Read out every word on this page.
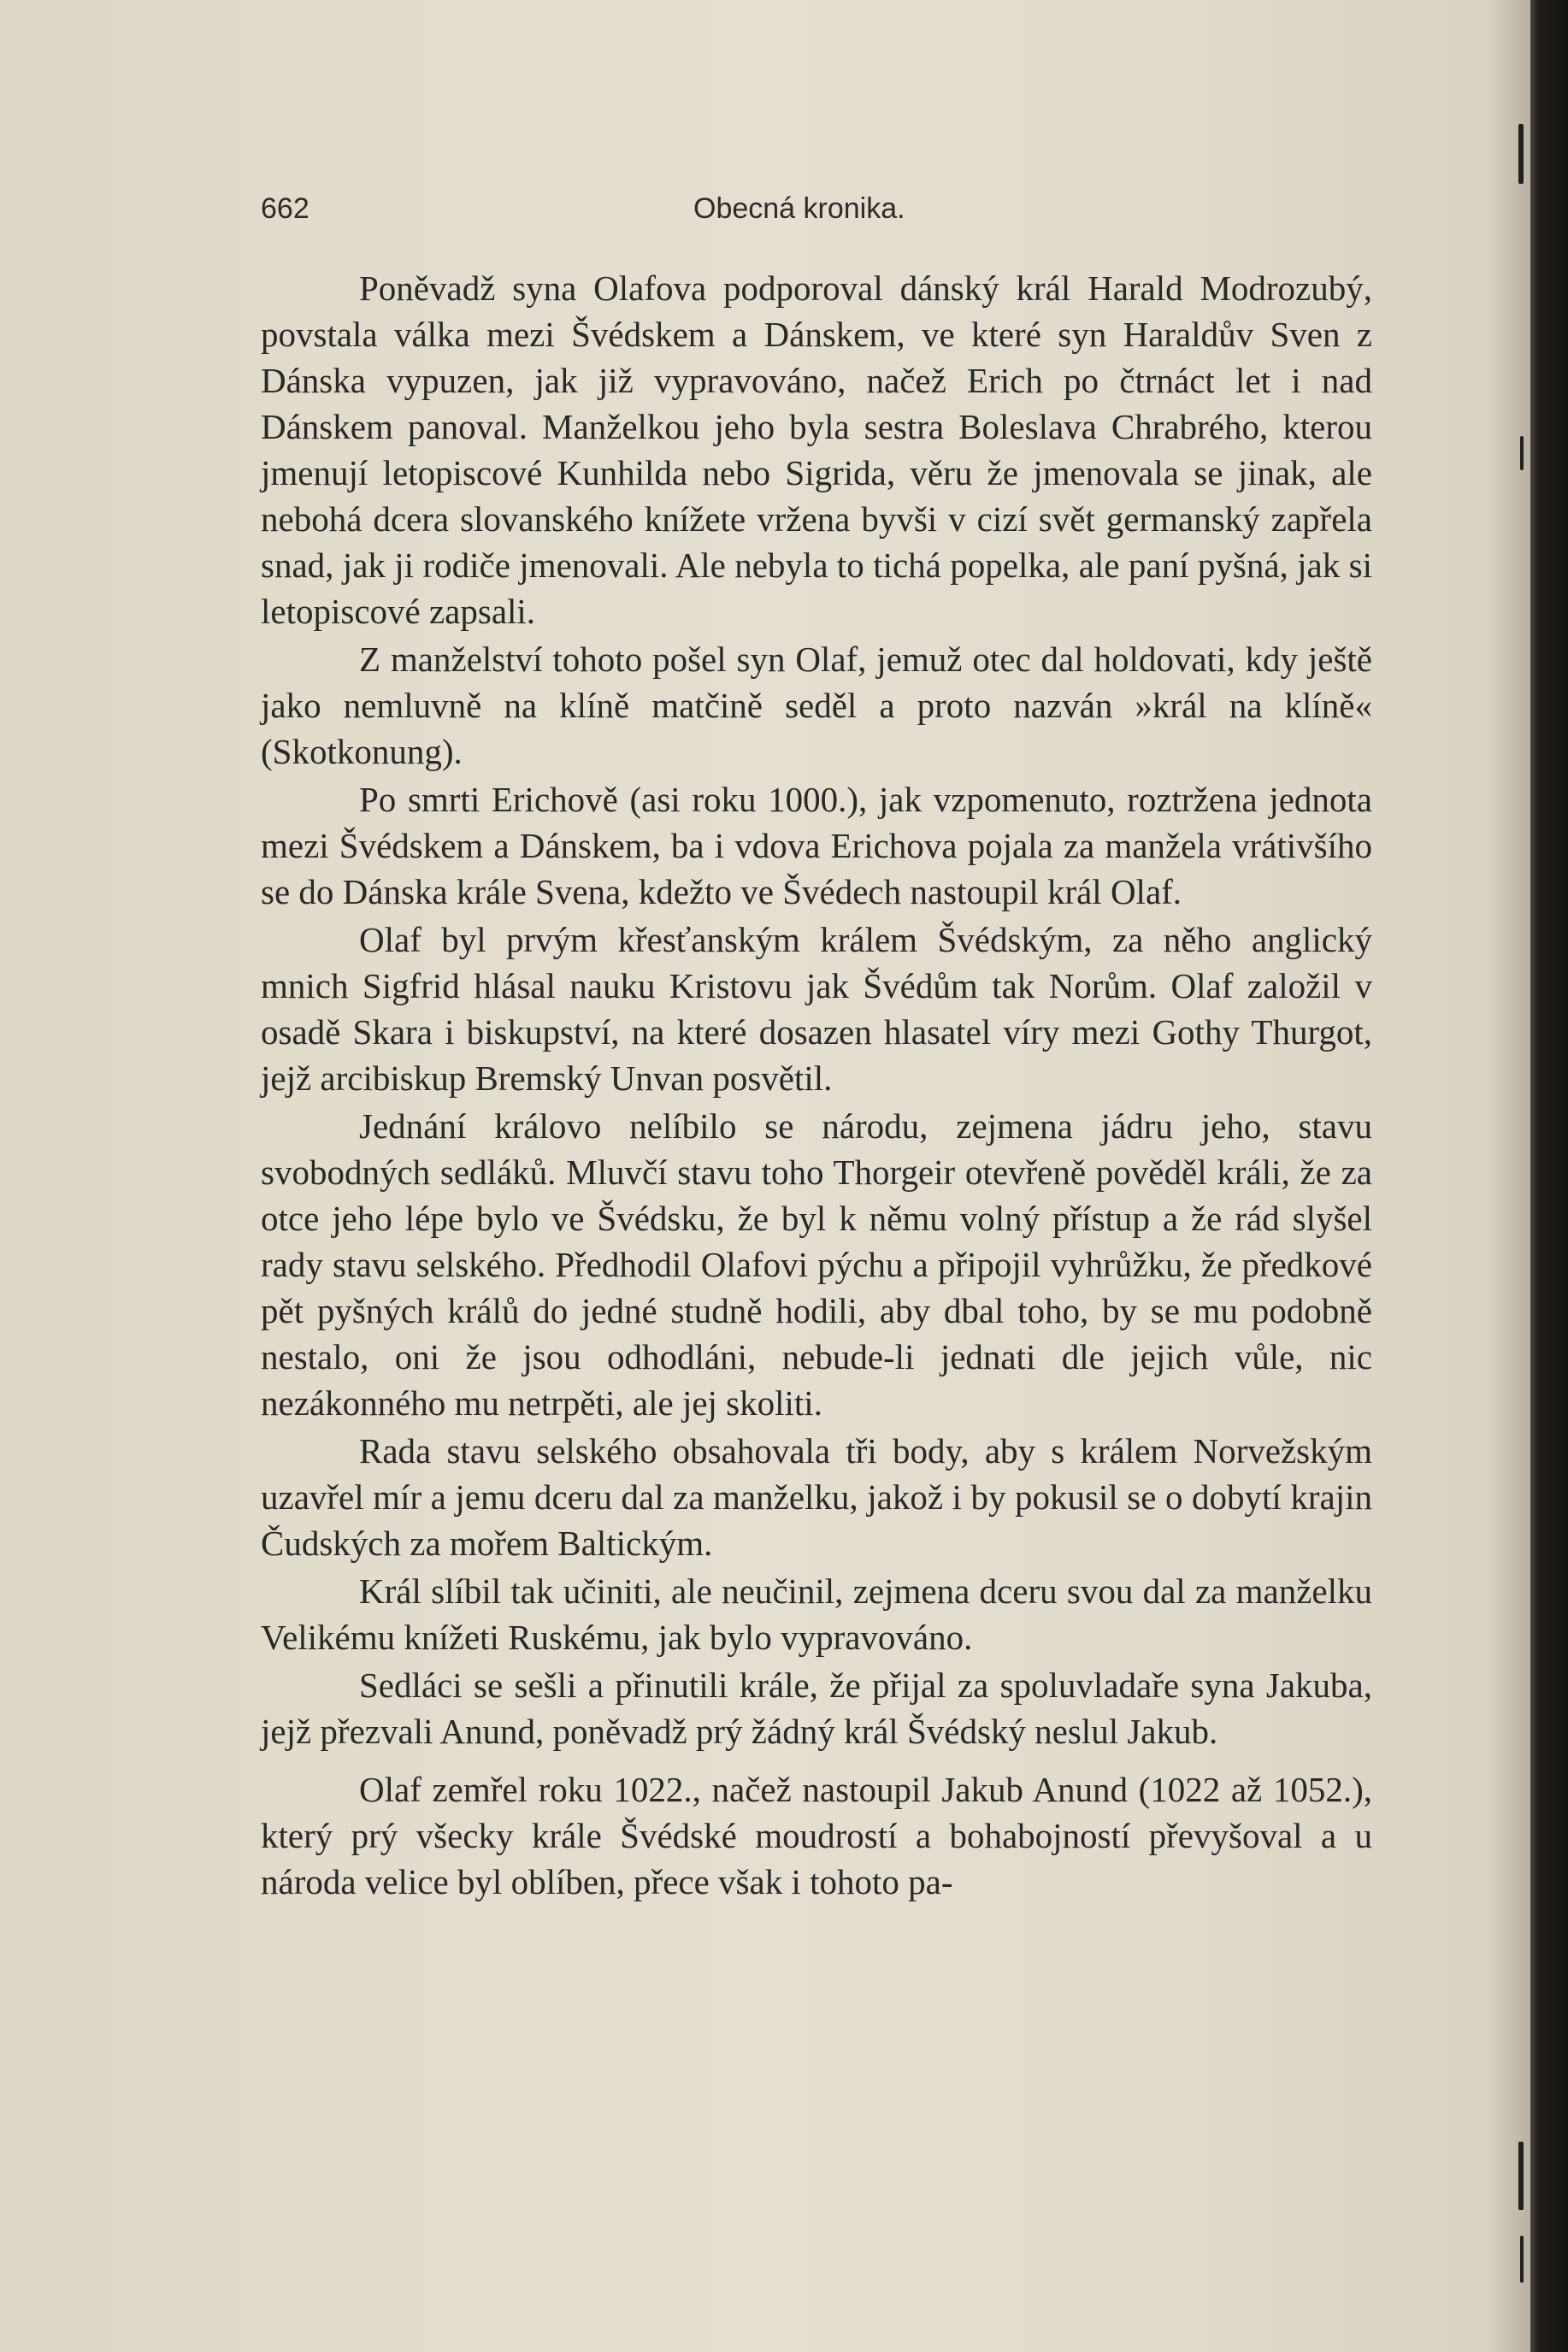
662	Obecná kronika.

Poněvadž syna Olafova podporoval dánský král Harald Modrozubý, povstala válka mezi Švédskem a Dánskem, ve které syn Haraldův Sven z Dánska vypuzen, jak již vypravováno, načež Erich po čtrnáct let i nad Dánskem panoval. Manželkou jeho byla sestra Boleslava Chrabrého, kterou jmenují letopiscové Kunhilda nebo Sigrida, věru že jmenovala se jinak, ale nebohá dcera slovanského knížete vržena byvši v cizí svět germanský zapřela snad, jak ji rodiče jmenovali. Ale nebyla to tichá popelka, ale paní pyšná, jak si letopiscové zapsali.

Z manželství tohoto pošel syn Olaf, jemuž otec dal holdovati, kdy ještě jako nemluvně na klíně matčině seděl a proto nazván »král na klíně« (Skotkonung).

Po smrti Erichově (asi roku 1000.), jak vzpomenuto, roztržena jednota mezi Švédskem a Dánskem, ba i vdova Erichova pojala za manžela vrátivšího se do Dánska krále Svena, kdežto ve Švédech nastoupil král Olaf.

Olaf byl prvým křesťanským králem Švédským, za něho anglický mnich Sigfrid hlásal nauku Kristovu jak Švédům tak Norům. Olaf založil v osadě Skara i biskupství, na které dosazen hlasatel víry mezi Gothy Thurgot, jejž arcibiskup Bremský Unvan posvětil.

Jednání královo nelíbilo se národu, zejmena jádru jeho, stavu svobodných sedláků. Mluvčí stavu toho Thorgeir otevřeně pověděl králi, že za otce jeho lépe bylo ve Švédsku, že byl k němu volný přístup a že rád slyšel rady stavu selského. Předhodil Olafovi pýchu a připojil vyhrůžku, že předkové pět pyšných králů do jedné studně hodili, aby dbal toho, by se mu podobně nestalo, oni že jsou odhodláni, nebude-li jednati dle jejich vůle, nic nezákonného mu netrpěti, ale jej skoliti.

Rada stavu selského obsahovala tři body, aby s králem Norvežským uzavřel mír a jemu dceru dal za manželku, jakož i by pokusil se o dobytí krajin Čudských za mořem Baltickým.

Král slíbil tak učiniti, ale neučinil, zejmena dceru svou dal za manželku Velikému knížeti Ruskému, jak bylo vypravováno.

Sedláci se sešli a přinutili krále, že přijal za spoluvladaře syna Jakuba, jejž přezvali Anund, poněvadž prý žádný král Švédský neslul Jakub.

Olaf zemřel roku 1022., načež nastoupil Jakub Anund (1022 až 1052.), který prý všecky krále Švédské moudrostí a bohabojností převyšoval a u národa velice byl oblíben, přece však i tohoto pa-
